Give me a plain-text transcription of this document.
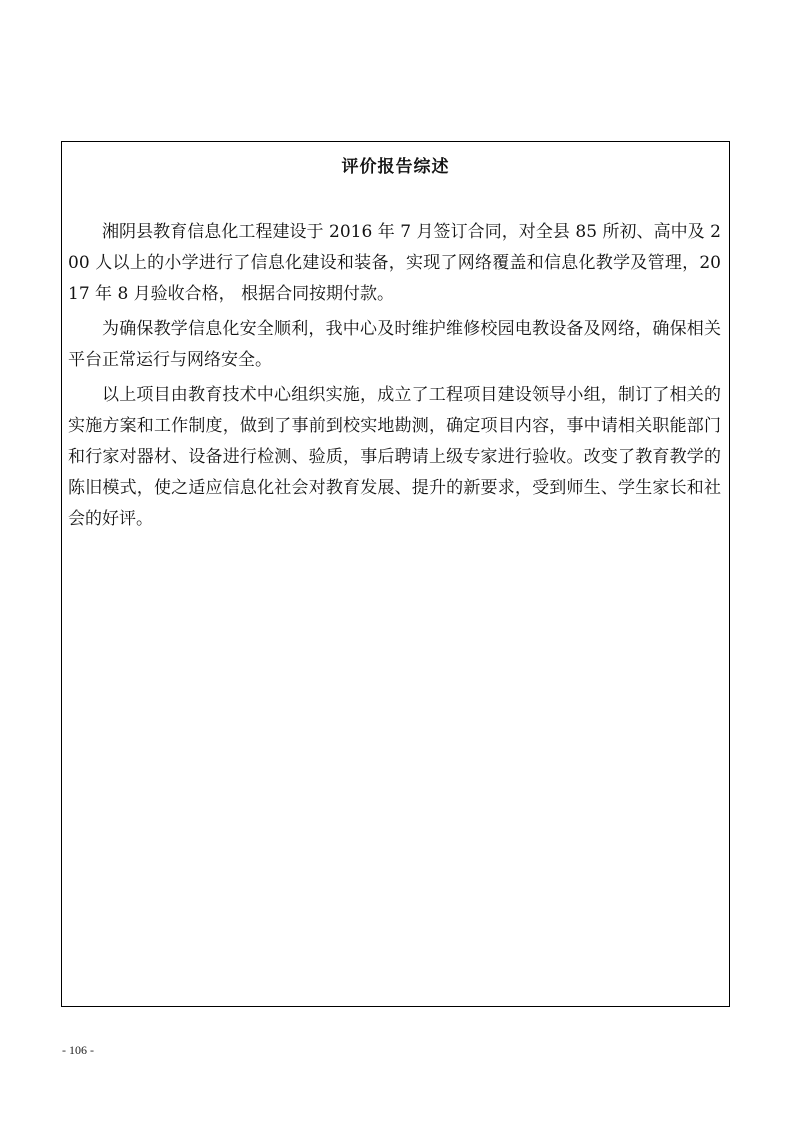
评价报告综述

湘阴县教育信息化工程建设于 2016 年 7 月签订合同，对全县 85 所初、高中及 200 人以上的小学进行了信息化建设和装备，实现了网络覆盖和信息化教学及管理，2017 年 8 月验收合格， 根据合同按期付款。

为确保教学信息化安全顺利，我中心及时维护维修校园电教设备及网络，确保相关平台正常运行与网络安全。

以上项目由教育技术中心组织实施，成立了工程项目建设领导小组，制订了相关的实施方案和工作制度，做到了事前到校实地勘测，确定项目内容，事中请相关职能部门和行家对器材、设备进行检测、验质，事后聘请上级专家进行验收。改变了教育教学的陈旧模式，使之适应信息化社会对教育发展、提升的新要求，受到师生、学生家长和社会的好评。

- 106 -
